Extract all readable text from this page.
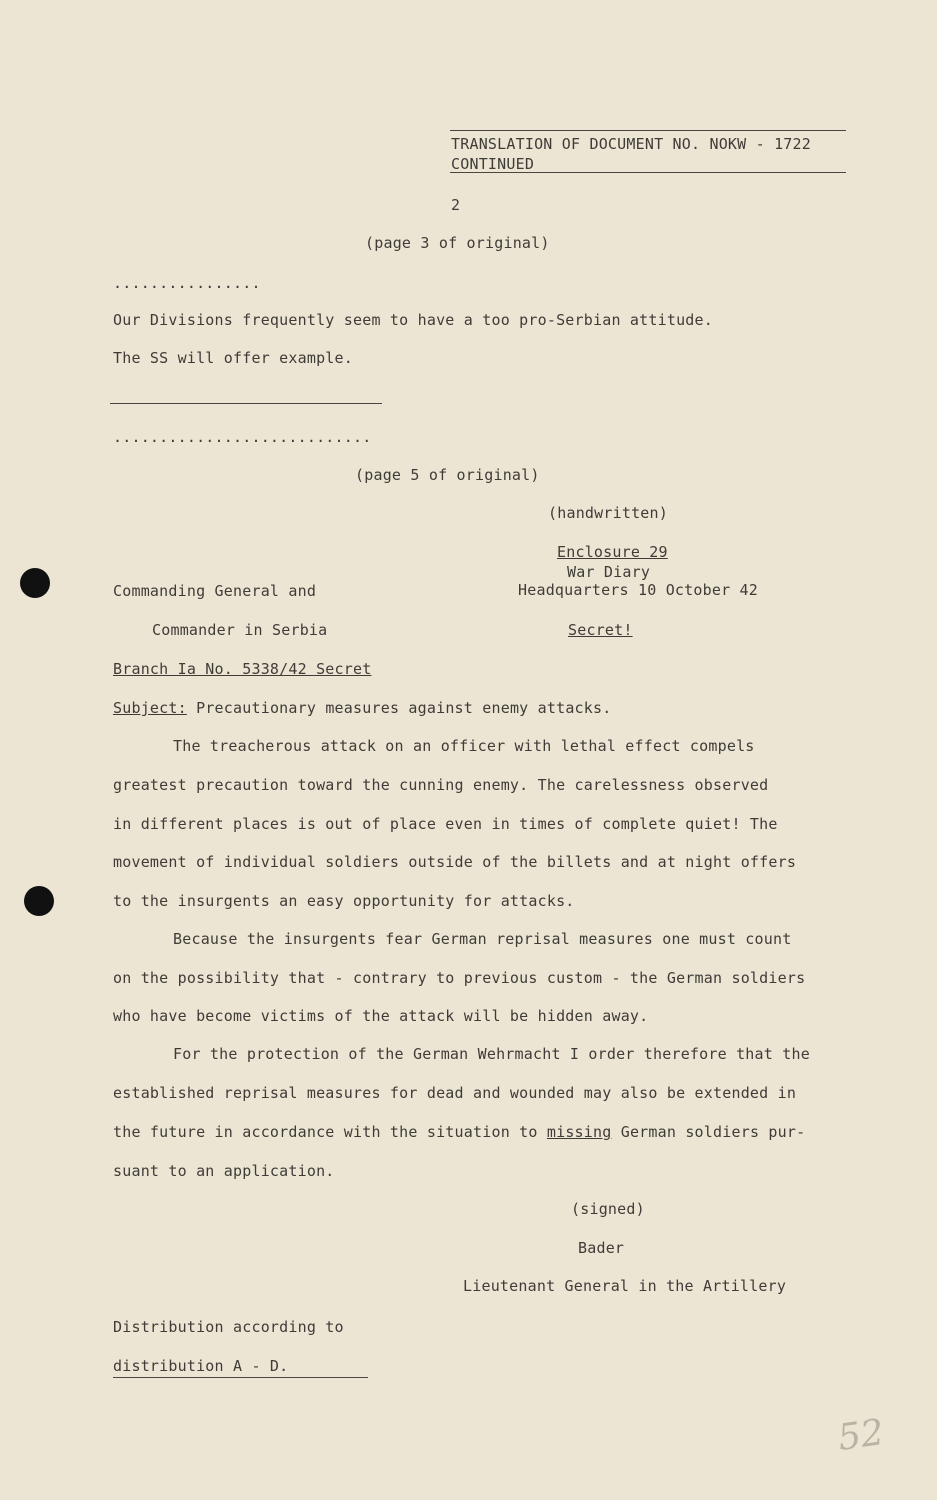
TRANSLATION OF DOCUMENT NO. NOKW - 1722
CONTINUED
2
(page 3 of original)
................
Our Divisions frequently seem to have a too pro-Serbian attitude.
The SS will offer example.
............................
(page 5 of original)
(handwritten)
Enclosure 29
War Diary
Commanding General and	Headquarters 10 October 42
Commander in Serbia	Secret!
Branch Ia No. 5338/42 Secret
Subject: Precautionary measures against enemy attacks.
The treacherous attack on an officer with lethal effect compels
greatest precaution toward the cunning enemy. The carelessness observed
in different places is out of place even in times of complete quiet! The
movement of individual soldiers outside of the billets and at night offers
to the insurgents an easy opportunity for attacks.
Because the insurgents fear German reprisal measures one must count
on the possibility that - contrary to previous custom - the German soldiers
who have become victims of the attack will be hidden away.
For the protection of the German Wehrmacht I order therefore that the
established reprisal measures for dead and wounded may also be extended in
the future in accordance with the situation to missing German soldiers pur-
suant to an application.
(signed)
Bader
Lieutenant General in the Artillery
Distribution according to
distribution A - D.
52
